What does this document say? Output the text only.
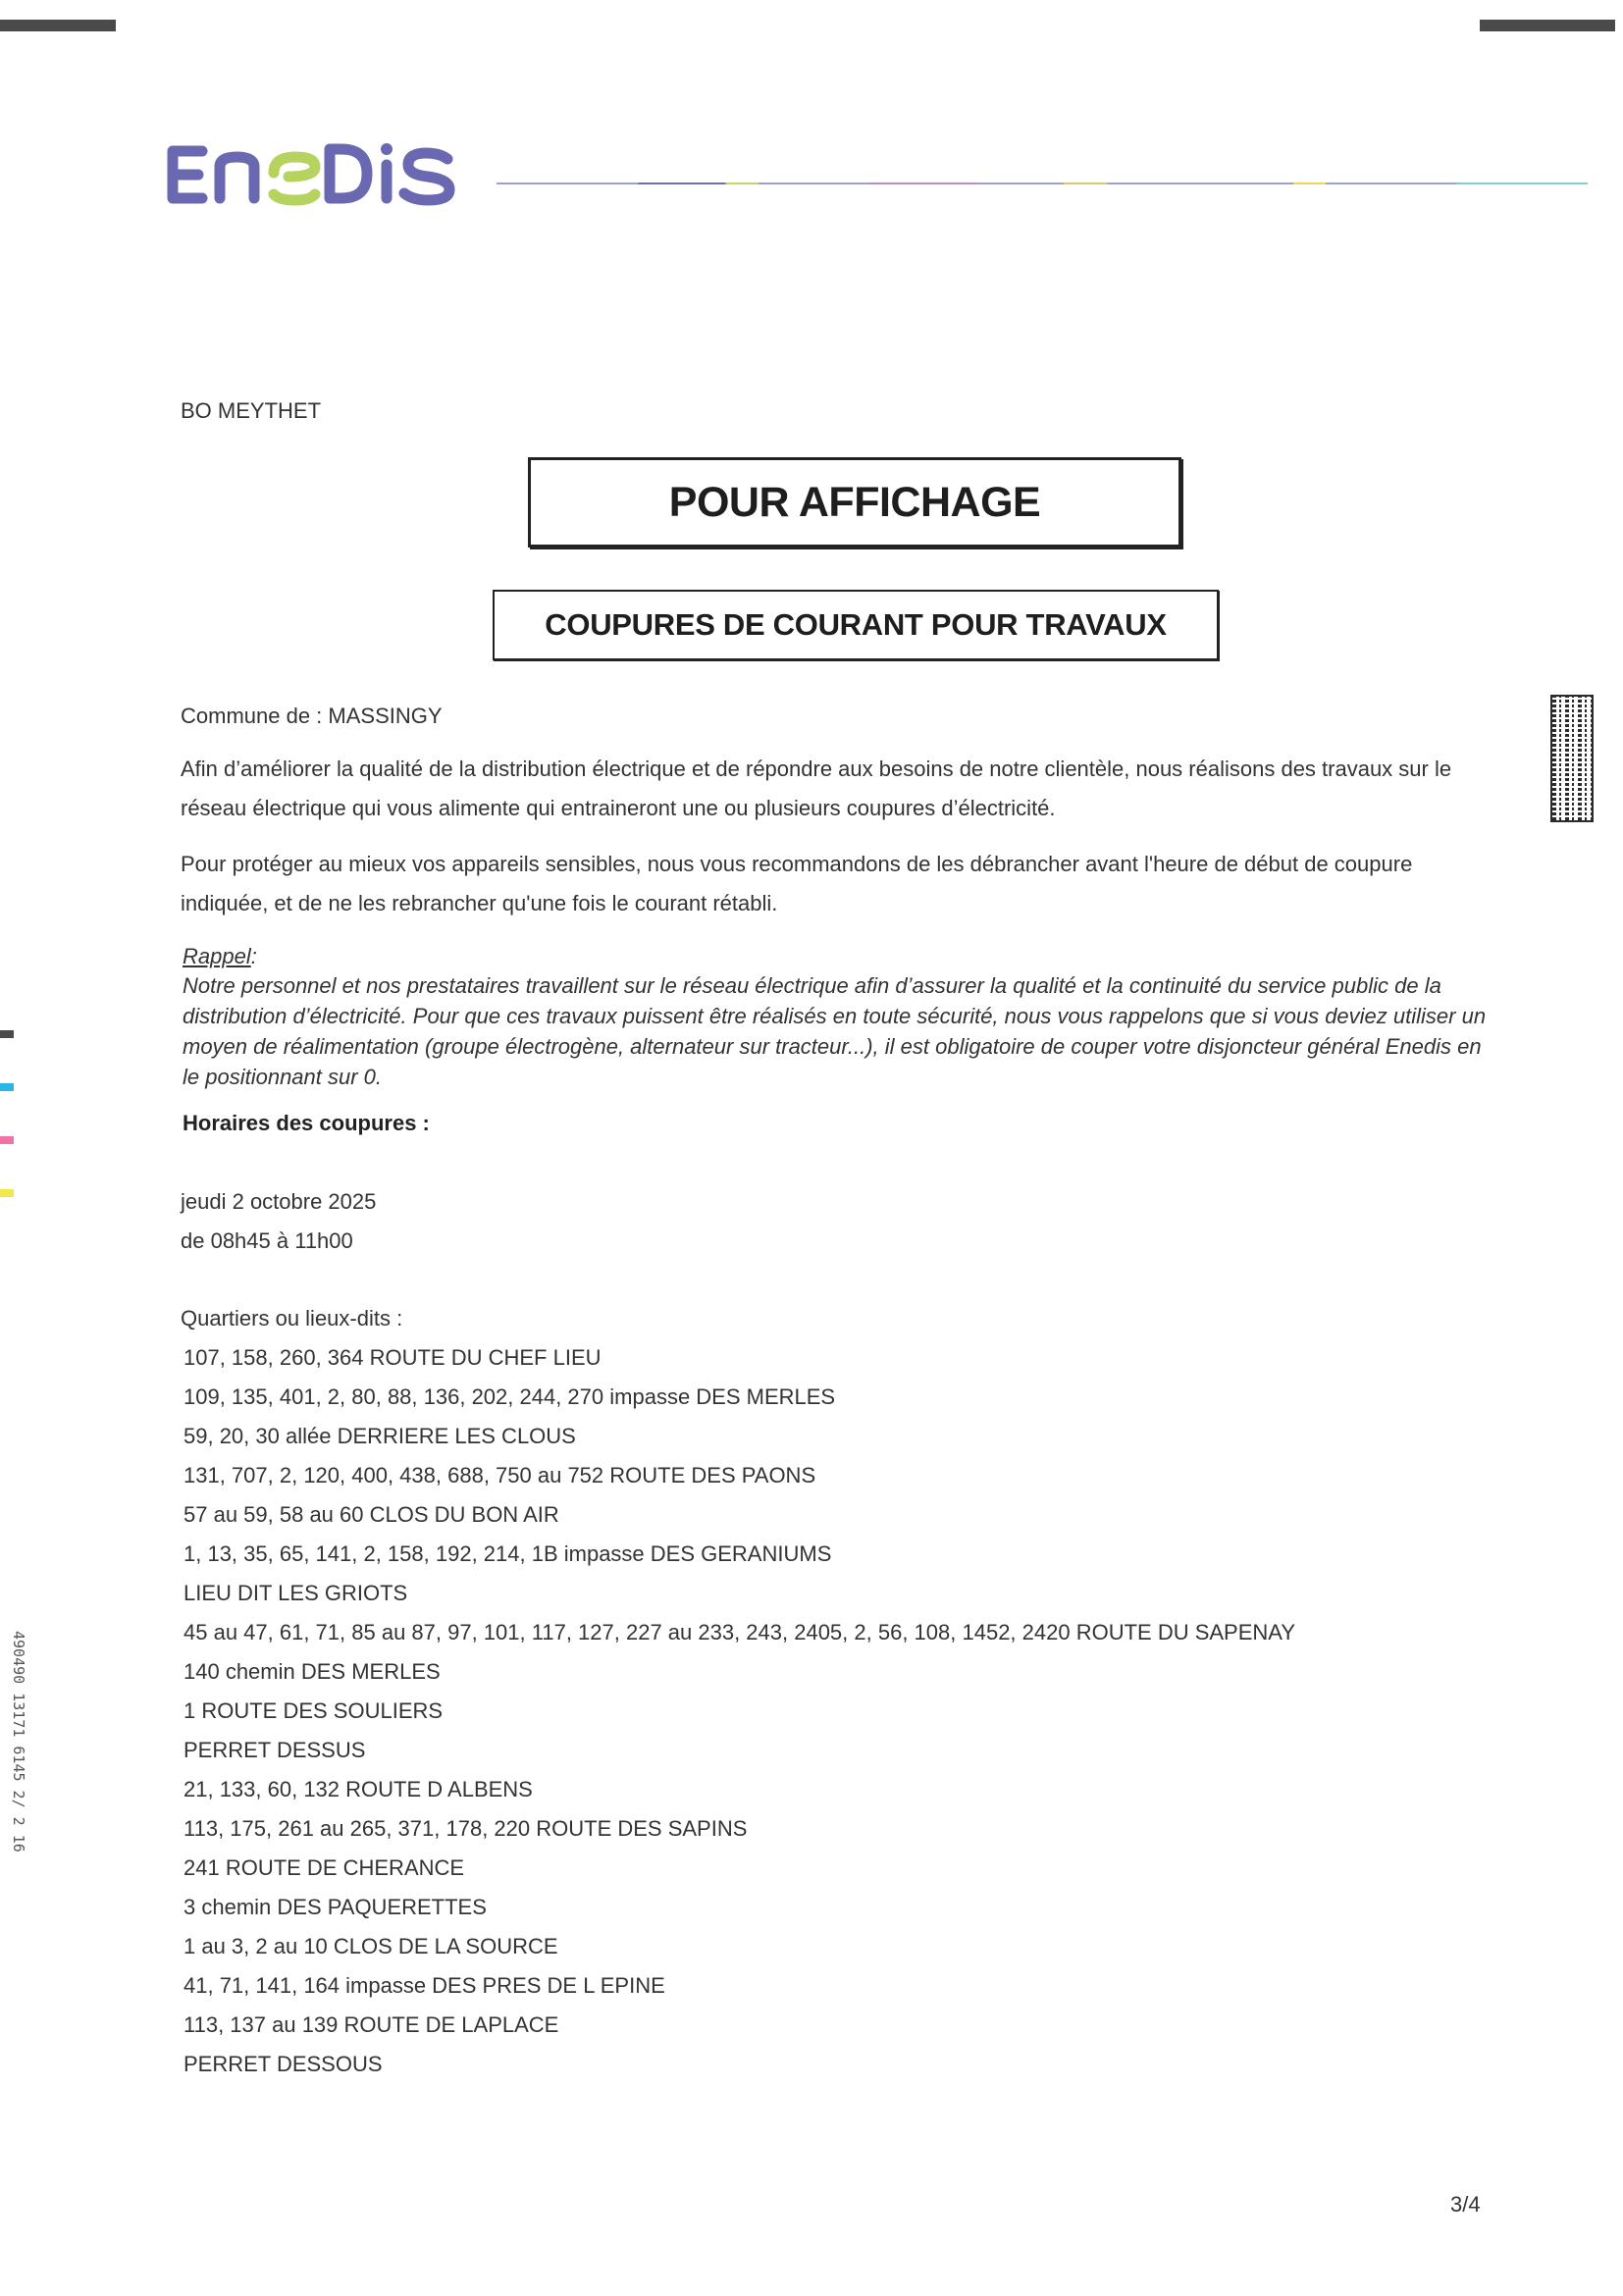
BO MEYTHET
POUR AFFICHAGE
COUPURES DE COURANT POUR TRAVAUX
Commune de : MASSINGY
Afin d’améliorer la qualité de la distribution électrique et de répondre aux besoins de notre clientèle, nous réalisons des travaux sur le réseau électrique qui vous alimente qui entraineront une ou plusieurs coupures d’électricité.
Pour protéger au mieux vos appareils sensibles, nous vous recommandons de les débrancher avant l'heure de début de coupure indiquée, et de ne les rebrancher qu'une fois le courant rétabli.
Rappel:
Notre personnel et nos prestataires travaillent sur le réseau électrique afin d’assurer la qualité et la continuité du service public de la distribution d’électricité. Pour que ces travaux puissent être réalisés en toute sécurité, nous vous rappelons que si vous deviez utiliser un moyen de réalimentation (groupe électrogène, alternateur sur tracteur...), il est obligatoire de couper votre disjoncteur général Enedis en le positionnant sur 0.
Horaires des coupures :
jeudi 2 octobre 2025
de 08h45 à 11h00
Quartiers ou lieux-dits :
107, 158, 260, 364 ROUTE DU CHEF LIEU
109, 135, 401, 2, 80, 88, 136, 202, 244, 270 impasse DES MERLES
59, 20, 30 allée DERRIERE LES CLOUS
131, 707, 2, 120, 400, 438, 688, 750 au 752 ROUTE DES PAONS
57 au 59, 58 au 60 CLOS DU BON AIR
1, 13, 35, 65, 141, 2, 158, 192, 214, 1B impasse DES GERANIUMS
LIEU DIT LES GRIOTS
45 au 47, 61, 71, 85 au 87, 97, 101, 117, 127, 227 au 233, 243, 2405, 2, 56, 108, 1452, 2420 ROUTE DU SAPENAY
140 chemin DES MERLES
1 ROUTE DES SOULIERS
PERRET DESSUS
21, 133, 60, 132 ROUTE D ALBENS
113, 175, 261 au 265, 371, 178, 220 ROUTE DES SAPINS
241 ROUTE DE CHERANCE
3 chemin DES PAQUERETTES
1 au 3, 2 au 10 CLOS DE LA SOURCE
41, 71, 141, 164 impasse DES PRES DE L EPINE
113, 137 au 139 ROUTE DE LAPLACE
PERRET DESSOUS
490490 13171 6145 2/ 2 16
3/4
